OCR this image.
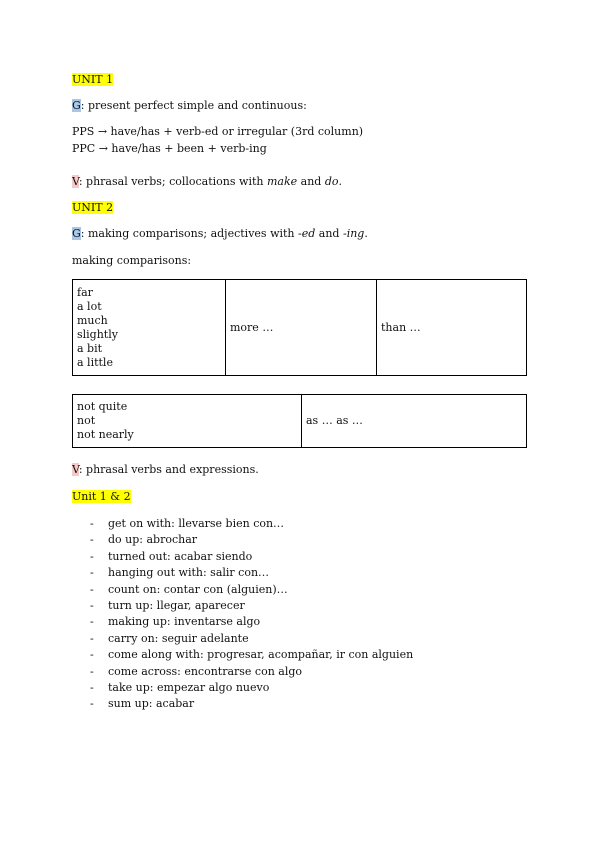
UNIT 1
G: present perfect simple and continuous:
PPS → have/has + verb-ed or irregular (3rd column)
PPC → have/has + been + verb-ing
V: phrasal verbs; collocations with make and do.
UNIT 2
G: making comparisons; adjectives with -ed and -ing.
making comparisons:
far
a lot
much
slightly
a bit
a little
more …	than …
not quite
not
not nearly
as … as …
V: phrasal verbs and expressions.
Unit 1 & 2
- get on with: llevarse bien con…
- do up: abrochar
- turned out: acabar siendo
- hanging out with: salir con…
- count on: contar con (alguien)…
- turn up: llegar, aparecer
- making up: inventarse algo
- carry on: seguir adelante
- come along with: progresar, acompañar, ir con alguien
- come across: encontrarse con algo
- take up: empezar algo nuevo
- sum up: acabar
